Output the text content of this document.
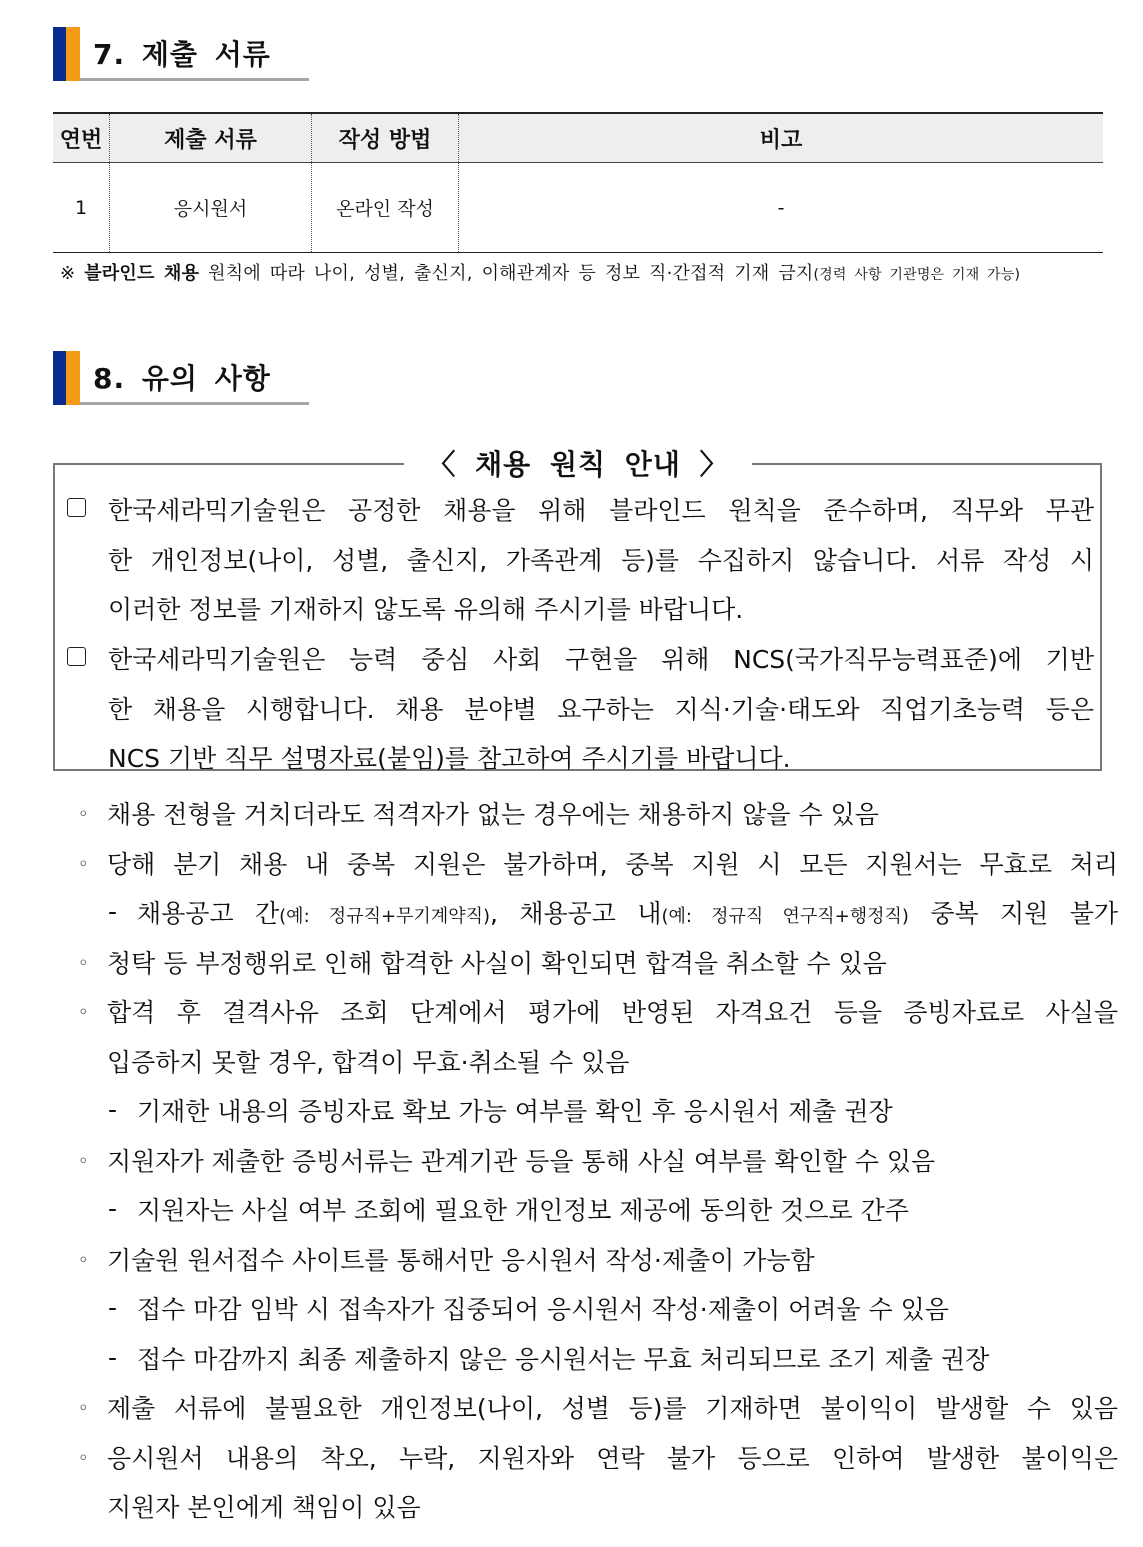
7. 제출 서류
연번	제출 서류	작성 방법	비고
1	응시원서	온라인 작성	-
※ 블라인드 채용 원칙에 따라 나이, 성별, 출신지, 이해관계자 등 정보 직·간접적 기재 금지(경력 사항 기관명은 기재 가능)
8. 유의 사항
〈 채용 원칙 안내 〉
한국세라믹기술원은 공정한 채용을 위해 블라인드 원칙을 준수하며, 직무와 무관
한 개인정보(나이, 성별, 출신지, 가족관계 등)를 수집하지 않습니다. 서류 작성 시
이러한 정보를 기재하지 않도록 유의해 주시기를 바랍니다.
한국세라믹기술원은 능력 중심 사회 구현을 위해 NCS(국가직무능력표준)에 기반
한 채용을 시행합니다. 채용 분야별 요구하는 지식·기술·태도와 직업기초능력 등은
NCS 기반 직무 설명자료(붙임)를 참고하여 주시기를 바랍니다.
◦ 채용 전형을 거치더라도 적격자가 없는 경우에는 채용하지 않을 수 있음
◦ 당해 분기 채용 내 중복 지원은 불가하며, 중복 지원 시 모든 지원서는 무효로 처리
- 채용공고 간(예: 정규직+무기계약직), 채용공고 내(예: 정규직 연구직+행정직) 중복 지원 불가
◦ 청탁 등 부정행위로 인해 합격한 사실이 확인되면 합격을 취소할 수 있음
◦ 합격 후 결격사유 조회 단계에서 평가에 반영된 자격요건 등을 증빙자료로 사실을
입증하지 못할 경우, 합격이 무효·취소될 수 있음
- 기재한 내용의 증빙자료 확보 가능 여부를 확인 후 응시원서 제출 권장
◦ 지원자가 제출한 증빙서류는 관계기관 등을 통해 사실 여부를 확인할 수 있음
- 지원자는 사실 여부 조회에 필요한 개인정보 제공에 동의한 것으로 간주
◦ 기술원 원서접수 사이트를 통해서만 응시원서 작성·제출이 가능함
- 접수 마감 임박 시 접속자가 집중되어 응시원서 작성·제출이 어려울 수 있음
- 접수 마감까지 최종 제출하지 않은 응시원서는 무효 처리되므로 조기 제출 권장
◦ 제출 서류에 불필요한 개인정보(나이, 성별 등)를 기재하면 불이익이 발생할 수 있음
◦ 응시원서 내용의 착오, 누락, 지원자와 연락 불가 등으로 인하여 발생한 불이익은
지원자 본인에게 책임이 있음
